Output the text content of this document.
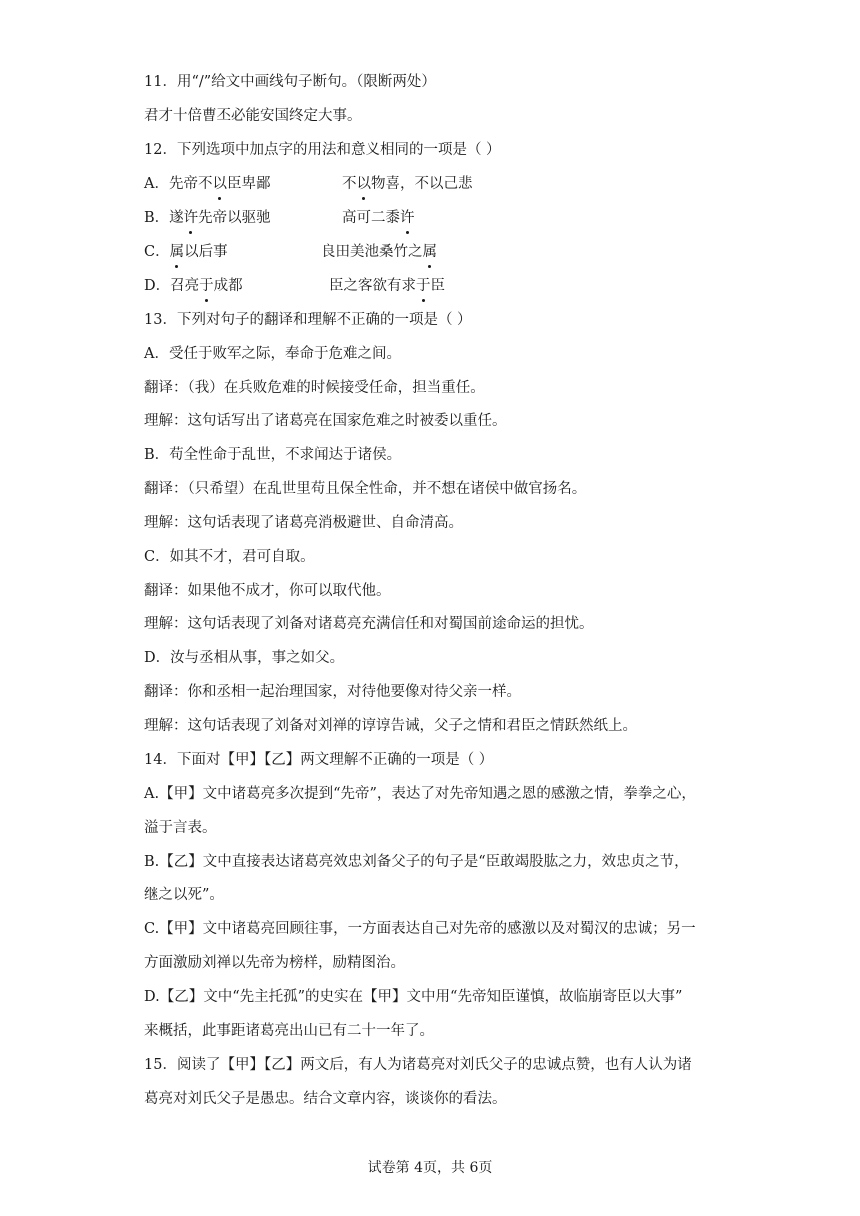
11．用“/”给文中画线句子断句。（限断两处）
君才十倍曹丕必能安国终定大事。
12．下列选项中加点字的用法和意义相同的一项是（ ）
A．先帝不以臣卑鄙	不以物喜，不以己悲
B．遂许先帝以驱驰	高可二黍许
C．属以后事	良田美池桑竹之属
D．召亮于成都	臣之客欲有求于臣
13．下列对句子的翻译和理解不正确的一项是（ ）
A．受任于败军之际，奉命于危难之间。
翻译：（我）在兵败危难的时候接受任命，担当重任。
理解：这句话写出了诸葛亮在国家危难之时被委以重任。
B．苟全性命于乱世，不求闻达于诸侯。
翻译：（只希望）在乱世里苟且保全性命，并不想在诸侯中做官扬名。
理解：这句话表现了诸葛亮消极避世、自命清高。
C．如其不才，君可自取。
翻译：如果他不成才，你可以取代他。
理解：这句话表现了刘备对诸葛亮充满信任和对蜀国前途命运的担忧。
D．汝与丞相从事，事之如父。
翻译：你和丞相一起治理国家，对待他要像对待父亲一样。
理解：这句话表现了刘备对刘禅的谆谆告诫，父子之情和君臣之情跃然纸上。
14．下面对【甲】【乙】两文理解不正确的一项是（ ）
A.【甲】文中诸葛亮多次提到“先帝”，表达了对先帝知遇之恩的感激之情，拳拳之心，
溢于言表。
B.【乙】文中直接表达诸葛亮效忠刘备父子的句子是“臣敢竭股肱之力，效忠贞之节，
继之以死”。
C.【甲】文中诸葛亮回顾往事，一方面表达自己对先帝的感激以及对蜀汉的忠诚；另一
方面激励刘禅以先帝为榜样，励精图治。
D.【乙】文中“先主托孤”的史实在【甲】文中用“先帝知臣谨慎，故临崩寄臣以大事”
来概括，此事距诸葛亮出山已有二十一年了。
15．阅读了【甲】【乙】两文后，有人为诸葛亮对刘氏父子的忠诚点赞，也有人认为诸
葛亮对刘氏父子是愚忠。结合文章内容，谈谈你的看法。
试卷第 4页，共 6页
